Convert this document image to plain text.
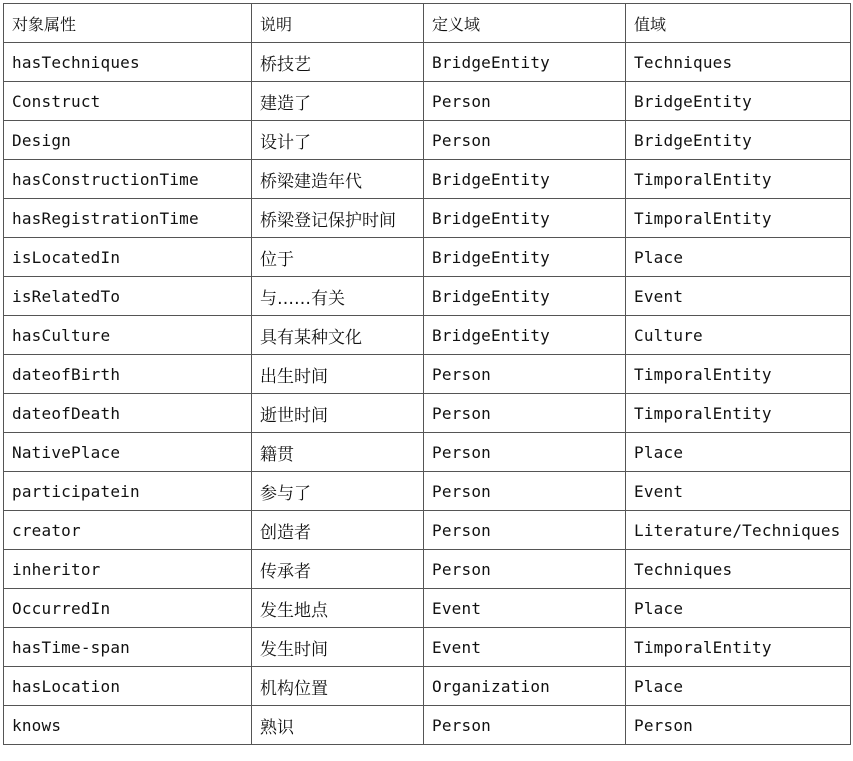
对象属性	说明	定义域	值域
hasTechniques	桥技艺	BridgeEntity	Techniques
Construct	建造了	Person	BridgeEntity
Design	设计了	Person	BridgeEntity
hasConstructionTime	桥梁建造年代	BridgeEntity	TimporalEntity
hasRegistrationTime	桥梁登记保护时间	BridgeEntity	TimporalEntity
isLocatedIn	位于	BridgeEntity	Place
isRelatedTo	与……有关	BridgeEntity	Event
hasCulture	具有某种文化	BridgeEntity	Culture
dateofBirth	出生时间	Person	TimporalEntity
dateofDeath	逝世时间	Person	TimporalEntity
NativePlace	籍贯	Person	Place
participatein	参与了	Person	Event
creator	创造者	Person	Literature/Techniques
inheritor	传承者	Person	Techniques
OccurredIn	发生地点	Event	Place
hasTime-span	发生时间	Event	TimporalEntity
hasLocation	机构位置	Organization	Place
knows	熟识	Person	Person
